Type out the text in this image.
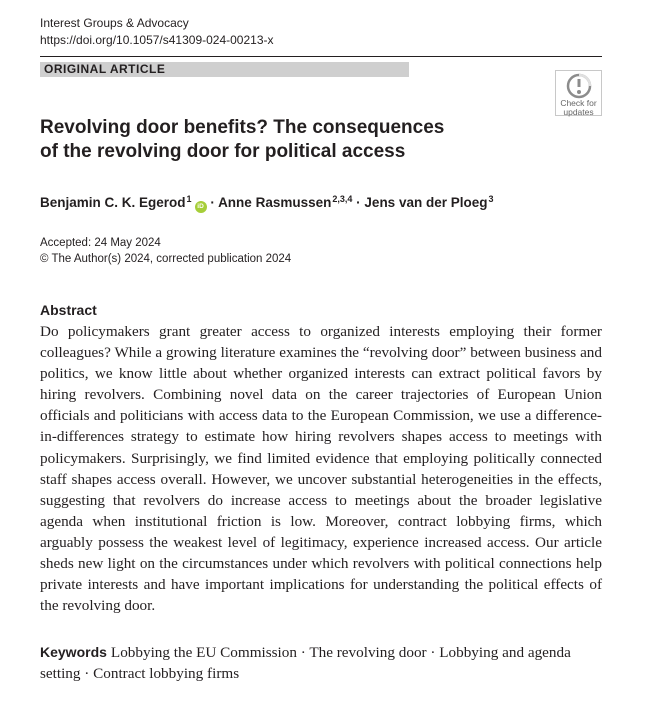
Interest Groups & Advocacy
https://doi.org/10.1057/s41309-024-00213-x
ORIGINAL ARTICLE
Check for
updates
Revolving door benefits? The consequences of the revolving door for political access
Benjamin C. K. Egerod$^1$iD · Anne Rasmussen$^{2,3,4}$ · Jens van der Ploeg$^3$
Accepted: 24 May 2024
© The Author(s) 2024, corrected publication 2024
Abstract

Do policymakers grant greater access to organized interests employing their former colleagues? While a growing literature examines the “revolving door” between business and politics, we know little about whether organized interests can extract political favors by hiring revolvers. Combining novel data on the career trajectories of European Union officials and politicians with access data to the European Commission, we use a difference-in-differences strategy to estimate how hiring revolvers shapes access to meetings with policymakers. Surprisingly, we find limited evidence that employing politically connected staff shapes access overall. However, we uncover substantial heterogeneities in the effects, suggesting that revolvers do increase access to meetings about the broader legislative agenda when institutional friction is low. Moreover, contract lobbying firms, which arguably possess the weakest level of legitimacy, experience increased access. Our article sheds new light on the circumstances under which revolvers with political connections help private interests and have important implications for understanding the political effects of the revolving door.

Keywords Lobbying the EU Commission · The revolving door · Lobbying and agenda setting · Contract lobbying firms
